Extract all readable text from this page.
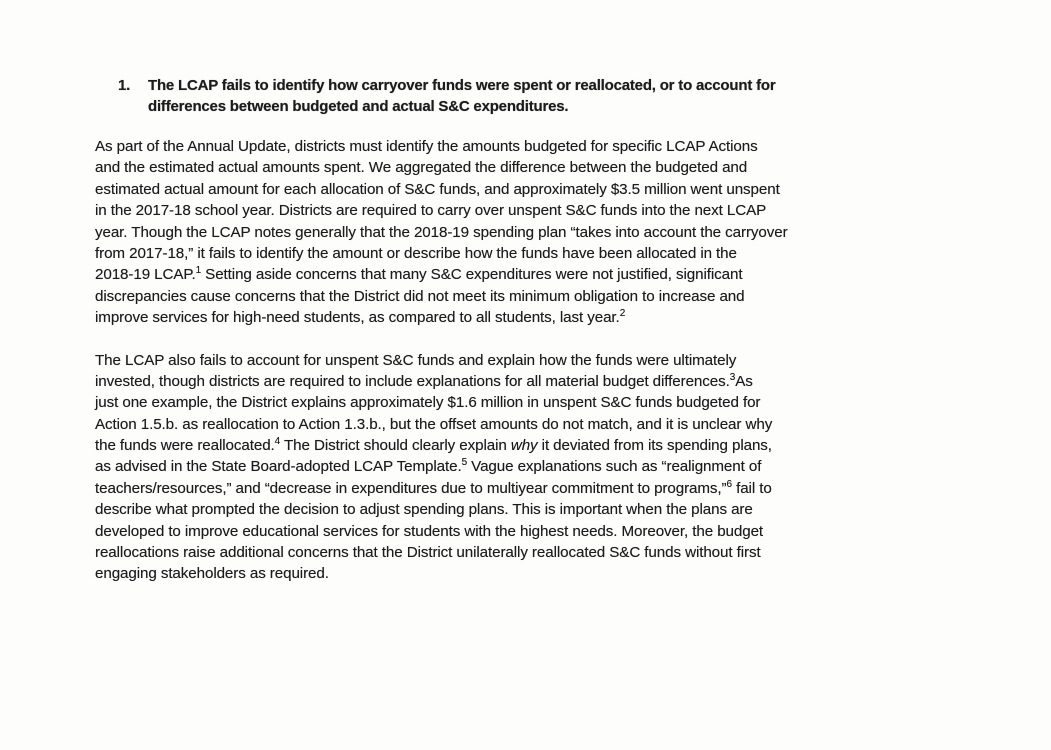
1.	The LCAP fails to identify how carryover funds were spent or reallocated, or to account for
differences between budgeted and actual S&C expenditures.
As part of the Annual Update, districts must identify the amounts budgeted for specific LCAP Actions
and the estimated actual amounts spent. We aggregated the difference between the budgeted and
estimated actual amount for each allocation of S&C funds, and approximately $3.5 million went unspent
in the 2017-18 school year. Districts are required to carry over unspent S&C funds into the next LCAP
year. Though the LCAP notes generally that the 2018-19 spending plan “takes into account the carryover
from 2017-18,” it fails to identify the amount or describe how the funds have been allocated in the
2018-19 LCAP.$^1$ Setting aside concerns that many S&C expenditures were not justified, significant
discrepancies cause concerns that the District did not meet its minimum obligation to increase and
improve services for high-need students, as compared to all students, last year.$^2$
The LCAP also fails to account for unspent S&C funds and explain how the funds were ultimately
invested, though districts are required to include explanations for all material budget differences.$^3$As
just one example, the District explains approximately $1.6 million in unspent S&C funds budgeted for
Action 1.5.b. as reallocation to Action 1.3.b., but the offset amounts do not match, and it is unclear why
the funds were reallocated.$^4$ The District should clearly explain why it deviated from its spending plans,
as advised in the State Board-adopted LCAP Template.$^5$ Vague explanations such as “realignment of
teachers/resources,” and “decrease in expenditures due to multiyear commitment to programs,”$^6$ fail to
describe what prompted the decision to adjust spending plans. This is important when the plans are
developed to improve educational services for students with the highest needs. Moreover, the budget
reallocations raise additional concerns that the District unilaterally reallocated S&C funds without first
engaging stakeholders as required.
